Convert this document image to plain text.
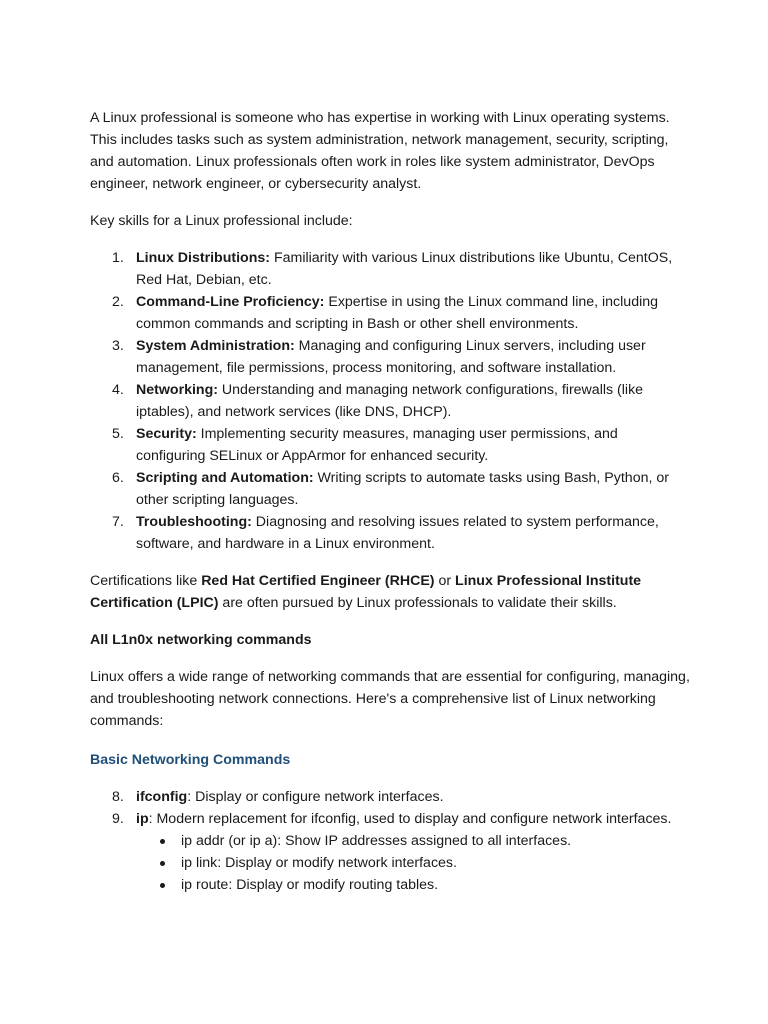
A Linux professional is someone who has expertise in working with Linux operating systems. This includes tasks such as system administration, network management, security, scripting, and automation. Linux professionals often work in roles like system administrator, DevOps engineer, network engineer, or cybersecurity analyst.

Key skills for a Linux professional include:

1. Linux Distributions: Familiarity with various Linux distributions like Ubuntu, CentOS, Red Hat, Debian, etc.
2. Command-Line Proficiency: Expertise in using the Linux command line, including common commands and scripting in Bash or other shell environments.
3. System Administration: Managing and configuring Linux servers, including user management, file permissions, process monitoring, and software installation.
4. Networking: Understanding and managing network configurations, firewalls (like iptables), and network services (like DNS, DHCP).
5. Security: Implementing security measures, managing user permissions, and configuring SELinux or AppArmor for enhanced security.
6. Scripting and Automation: Writing scripts to automate tasks using Bash, Python, or other scripting languages.
7. Troubleshooting: Diagnosing and resolving issues related to system performance, software, and hardware in a Linux environment.

Certifications like Red Hat Certified Engineer (RHCE) or Linux Professional Institute Certification (LPIC) are often pursued by Linux professionals to validate their skills.

All L1n0x networking commands

Linux offers a wide range of networking commands that are essential for configuring, managing, and troubleshooting network connections. Here's a comprehensive list of Linux networking commands:

Basic Networking Commands

8. ifconfig: Display or configure network interfaces.
9. ip: Modern replacement for ifconfig, used to display and configure network interfaces.
ip addr (or ip a): Show IP addresses assigned to all interfaces.
ip link: Display or modify network interfaces.
ip route: Display or modify routing tables.
